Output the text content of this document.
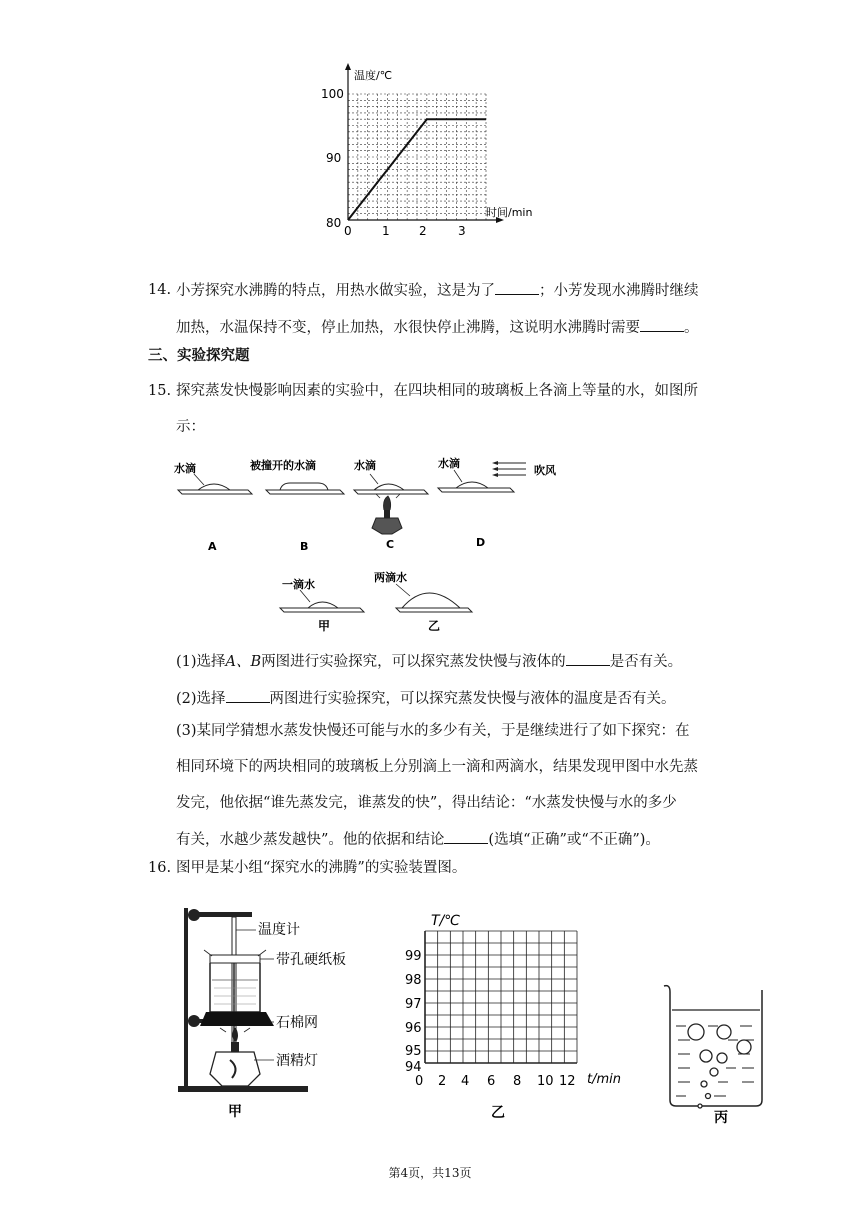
温度/℃
时间/min
100
90
80
0	1 2	3
14. 小芳探究水沸腾的特点，用热水做实验，这是为了	；小芳发现水沸腾时继续
加热，水温保持不变，停止加热，水很快停止沸腾，这说明水沸腾时需要	。
三、实验探究题
15. 探究蒸发快慢影响因素的实验中，在四块相同的玻璃板上各滴上等量的水，如图所
示：
水滴
A
被撞开的水滴
B
水滴
C
水滴
吹风
D
一滴水
甲
两滴水
乙
(1)选择A、B两图进行实验探究，可以探究蒸发快慢与液体的	是否有关。
(2)选择	两图进行实验探究，可以探究蒸发快慢与液体的温度是否有关。
(3)某同学猜想水蒸发快慢还可能与水的多少有关，于是继续进行了如下探究：在
相同环境下的两块相同的玻璃板上分别滴上一滴和两滴水，结果发现甲图中水先蒸
发完，他依据“谁先蒸发完，谁蒸发的快”，得出结论：“水蒸发快慢与水的多少
有关，水越少蒸发越快”。他的依据和结论	(选填“正确”或“不正确”)。
16. 图甲是某小组“探究水的沸腾”的实验装置图。
温度计
带孔硬纸板
石棉网
酒精灯
甲
T/℃
t/min
99
98
97
96
95
94
0 2 4 6 8 10 12
乙	丙
第4页，共13页
